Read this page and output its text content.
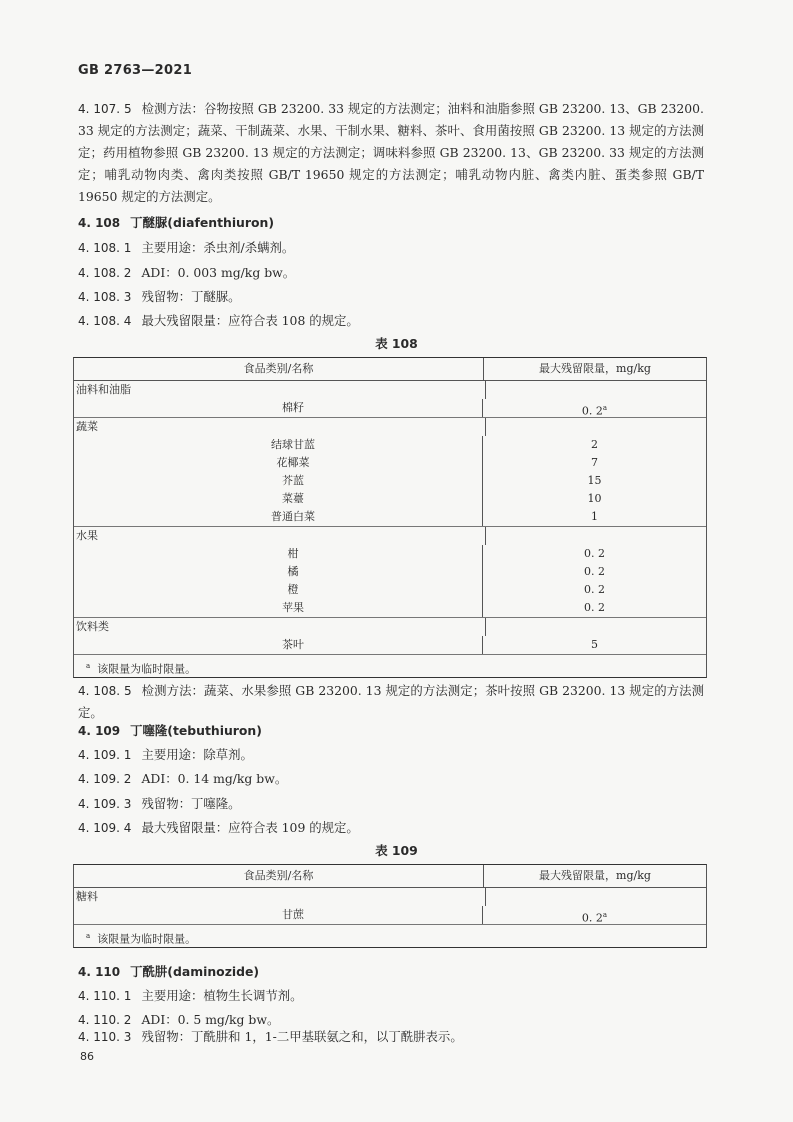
GB 2763—2021
4. 107. 5 检测方法：谷物按照 GB 23200. 33 规定的方法测定；油料和油脂参照 GB 23200. 13、GB 23200. 33 规定的方法测定；蔬菜、干制蔬菜、水果、干制水果、糖料、茶叶、食用菌按照 GB 23200. 13 规定的方法测定；药用植物参照 GB 23200. 13 规定的方法测定；调味料参照 GB 23200. 13、GB 23200. 33 规定的方法测定；哺乳动物肉类、禽肉类按照 GB/T 19650 规定的方法测定；哺乳动物内脏、禽类内脏、蛋类参照 GB/T 19650 规定的方法测定。
4. 108 丁醚脲(diafenthiuron)
4. 108. 1 主要用途：杀虫剂/杀螨剂。
4. 108. 2 ADI：0. 003 mg/kg bw。
4. 108. 3 残留物：丁醚脲。
4. 108. 4 最大残留限量：应符合表 108 的规定。
表 108
食品类别/名称	最大残留限量，mg/kg
油料和油脂
棉籽	0. 2$^a$
蔬菜
结球甘蓝	2
花椰菜	7
芥蓝	15
菜薹	10
普通白菜	1
水果
柑	0. 2
橘	0. 2
橙	0. 2
苹果	0. 2
饮料类
茶叶	5
$^a$ 该限量为临时限量。
4. 108. 5 检测方法：蔬菜、水果参照 GB 23200. 13 规定的方法测定；茶叶按照 GB 23200. 13 规定的方法测定。
4. 109 丁噻隆(tebuthiuron)
4. 109. 1 主要用途：除草剂。
4. 109. 2 ADI：0. 14 mg/kg bw。
4. 109. 3 残留物：丁噻隆。
4. 109. 4 最大残留限量：应符合表 109 的规定。
表 109
食品类别/名称	最大残留限量，mg/kg
糖料
甘蔗	0. 2$^a$
$^a$ 该限量为临时限量。
4. 110 丁酰肼(daminozide)
4. 110. 1 主要用途：植物生长调节剂。
4. 110. 2 ADI：0. 5 mg/kg bw。
4. 110. 3 残留物：丁酰肼和 1，1-二甲基联氨之和，以丁酰肼表示。
86
